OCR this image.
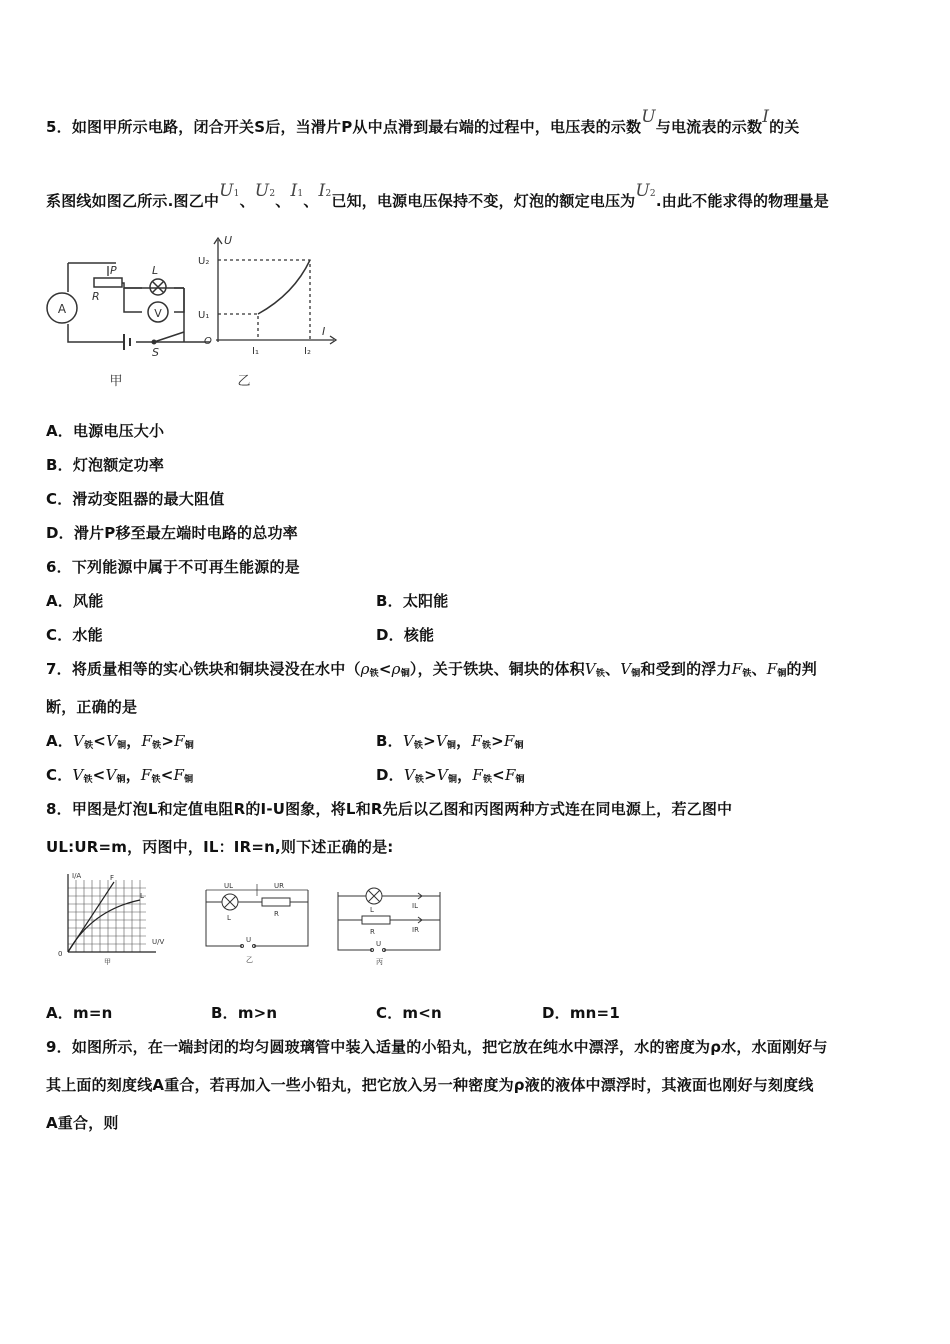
5．如图甲所示电路，闭合开关S后，当滑片P从中点滑到最右端的过程中，电压表的示数U与电流表的示数I的关
系图线如图乙所示.图乙中U1、U2、I1、I2已知，电源电压保持不变，灯泡的额定电压为U2.由此不能求得的物理量是
A	V
P
R
L
S
甲
U
I
U₂
U₁
O
I₁	I₂
乙
A．电源电压大小
B．灯泡额定功率
C．滑动变阻器的最大阻值
D．滑片P移至最左端时电路的总功率
6．下列能源中属于不可再生能源的是
A．风能	B．太阳能
C．水能	D．核能
7．将质量相等的实心铁块和铜块浸没在水中$(\rho_铁<\rho_铜)$，关于铁块、铜块的体积$V_铁$、$V_铜$和受到的浮力$F_铁$、$F_铜$的判
断，正确的是
A．$V_铁<V_铜$，$F_铁>F_铜$	B．$V_铁>V_铜$，$F_铁>F_铜$
C．$V_铁<V_铜$，$F_铁<F_铜$	D．$V_铁>V_铜$，$F_铁<F_铜$
8．甲图是灯泡L和定值电阻R的I-U图象，将L和R先后以乙图和丙图两种方式连在同电源上，若乙图中
UL:UR=m，丙图中，IL：IR=n,则下述正确的是:
I/A
U/V
F
L
0
甲
UL	UR
L	R
U
乙
L
R
IL
IR
U
丙
A．m=n	B．m>n	C．m<n	D．mn=1
9．如图所示，在一端封闭的均匀圆玻璃管中装入适量的小铅丸，把它放在纯水中漂浮，水的密度为ρ水，水面刚好与
其上面的刻度线A重合，若再加入一些小铅丸，把它放入另一种密度为ρ液的液体中漂浮时，其液面也刚好与刻度线
A重合，则
